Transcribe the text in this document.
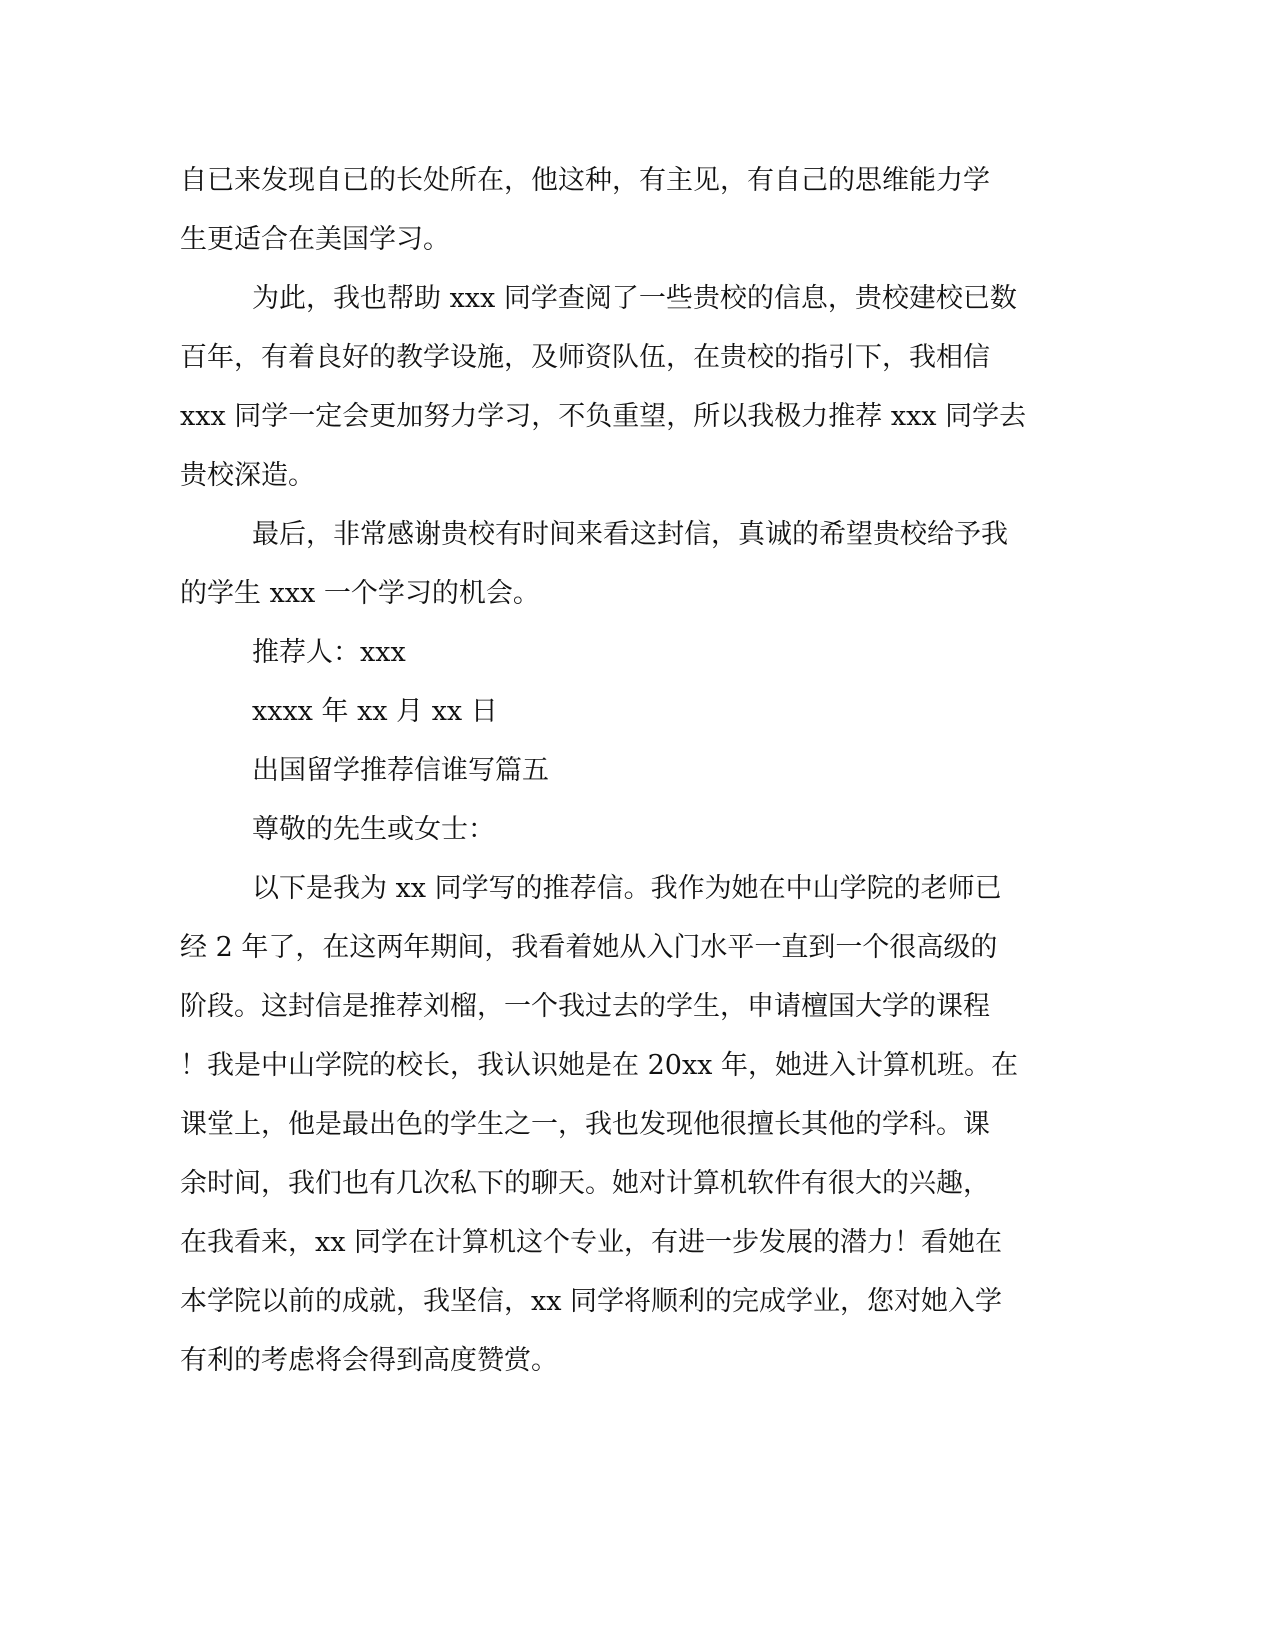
自已来发现自已的长处所在，他这种，有主见，有自己的思维能力学

生更适合在美国学习。

为此，我也帮助 xxx 同学查阅了一些贵校的信息，贵校建校已数

百年，有着良好的教学设施，及师资队伍，在贵校的指引下，我相信

xxx 同学一定会更加努力学习，不负重望，所以我极力推荐 xxx 同学去

贵校深造。

最后，非常感谢贵校有时间来看这封信，真诚的希望贵校给予我

的学生 xxx 一个学习的机会。

推荐人：xxx

xxxx 年 xx 月 xx 日

出国留学推荐信谁写篇五

尊敬的先生或女士：

以下是我为 xx 同学写的推荐信。我作为她在中山学院的老师已

经 2 年了，在这两年期间，我看着她从入门水平一直到一个很高级的

阶段。这封信是推荐刘榴，一个我过去的学生，申请檀国大学的课程

！我是中山学院的校长，我认识她是在 20xx 年，她进入计算机班。在

课堂上，他是最出色的学生之一，我也发现他很擅长其他的学科。课

余时间，我们也有几次私下的聊天。她对计算机软件有很大的兴趣，

在我看来，xx 同学在计算机这个专业，有进一步发展的潜力！看她在

本学院以前的成就，我坚信，xx 同学将顺利的完成学业，您对她入学

有利的考虑将会得到高度赞赏。
